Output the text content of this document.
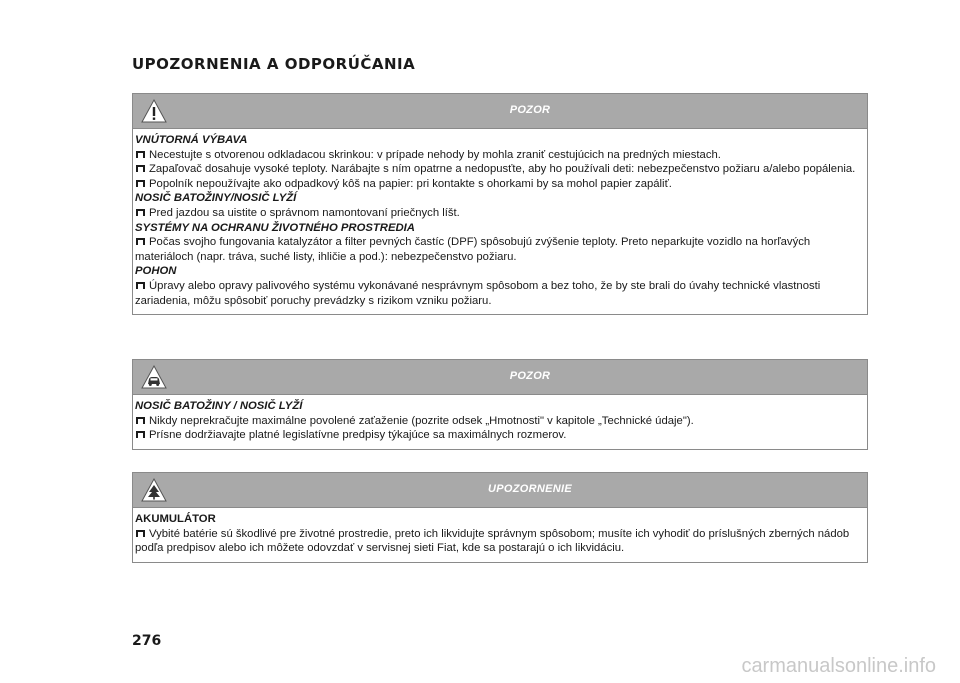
UPOZORNENIA A ODPORÚČANIA
POZOR

VNÚTORNÁ VÝBAVA

Necestujte s otvorenou odkladacou skrinkou: v prípade nehody by mohla zraniť cestujúcich na predných miestach.

Zapaľovač dosahuje vysoké teploty. Narábajte s ním opatrne a nedopusťte, aby ho používali deti: nebezpečenstvo požiaru a/alebo popálenia.

Popolník nepoužívajte ako odpadkový kôš na papier: pri kontakte s ohorkami by sa mohol papier zapáliť.

NOSIČ BATOŽINY/NOSIČ LYŽÍ

Pred jazdou sa uistite o správnom namontovaní priečnych líšt.

SYSTÉMY NA OCHRANU ŽIVOTNÉHO PROSTREDIA

Počas svojho fungovania katalyzátor a filter pevných častíc (DPF) spôsobujú zvýšenie teploty. Preto neparkujte vozidlo na horľavých materiáloch (napr. tráva, suché listy, ihličie a pod.): nebezpečenstvo požiaru.

POHON

Úpravy alebo opravy palivového systému vykonávané nesprávnym spôsobom a bez toho, že by ste brali do úvahy technické vlastnosti zariadenia, môžu spôsobiť poruchy prevádzky s rizikom vzniku požiaru.

POZOR

NOSIČ BATOŽINY / NOSIČ LYŽÍ

Nikdy neprekračujte maximálne povolené zaťaženie (pozrite odsek „Hmotnosti" v kapitole „Technické údaje").

Prísne dodržiavajte platné legislatívne predpisy týkajúce sa maximálnych rozmerov.

UPOZORNENIE

AKUMULÁTOR

Vybité batérie sú škodlivé pre životné prostredie, preto ich likvidujte správnym spôsobom; musíte ich vyhodiť do príslušných zberných nádob podľa predpisov alebo ich môžete odovzdať v servisnej sieti Fiat, kde sa postarajú o ich likvidáciu.

276

carmanualsonline.info
